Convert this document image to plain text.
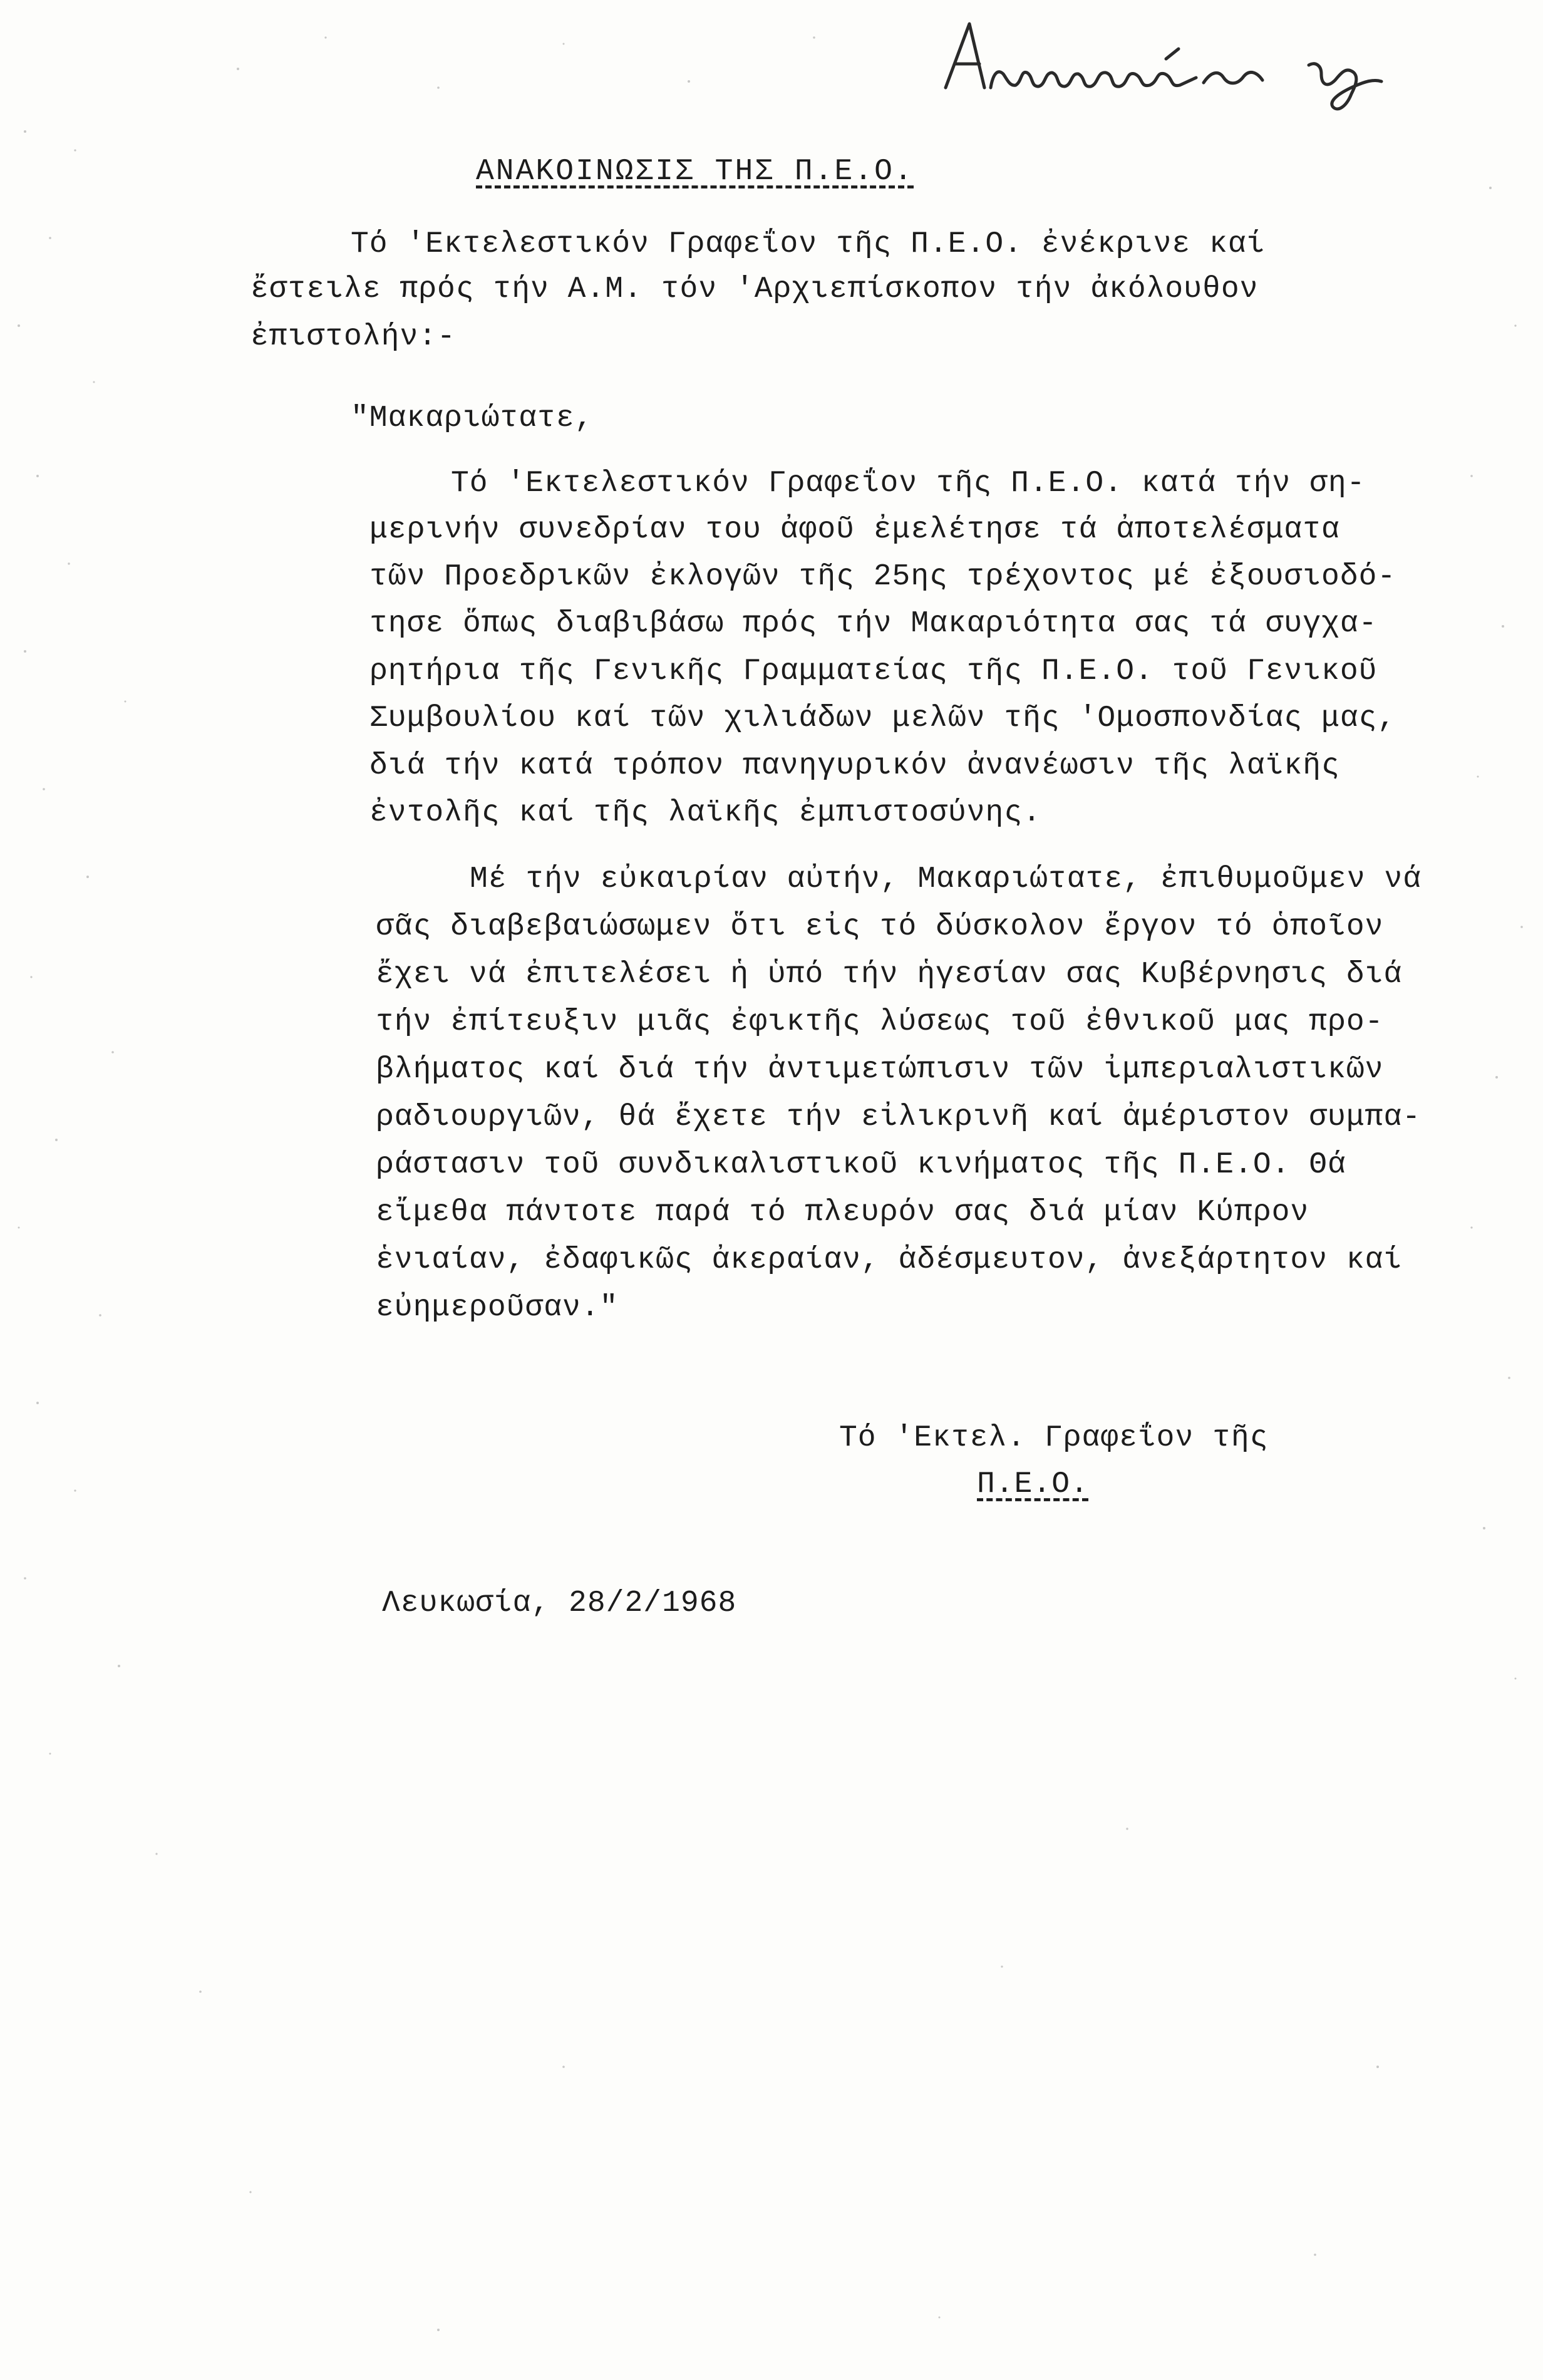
ΑΝΑΚΟΙΝΩΣΙΣ ΤΗΣ Π.Ε.Ο.
Τό 'Εκτελεστικόν Γραφεΐον τῆς Π.Ε.Ο. ἐνέκρινε καί
ἔστειλε πρός τήν Α.Μ. τόν 'Αρχιεπίσκοπον τήν ἀκόλουθον
ἐπιστολήν:-
"Μακαριώτατε,
Τό 'Εκτελεστικόν Γραφεΐον τῆς Π.Ε.Ο. κατά τήν ση-
μερινήν συνεδρίαν του ἀφοῦ ἐμελέτησε τά ἀποτελέσματα
τῶν Προεδρικῶν ἐκλογῶν τῆς 25ης τρέχοντος μέ ἐξουσιοδό-
τησε ὅπως διαβιβάσω πρός τήν Μακαριότητα σας τά συγχα-
ρητήρια τῆς Γενικῆς Γραμματείας τῆς Π.Ε.Ο. τοῦ Γενικοῦ
Συμβουλίου καί τῶν χιλιάδων μελῶν τῆς 'Ομοσπονδίας μας,
διά τήν κατά τρόπον πανηγυρικόν ἀνανέωσιν τῆς λαϊκῆς
ἐντολῆς καί τῆς λαϊκῆς ἐμπιστοσύνης.
Μέ τήν εὐκαιρίαν αὐτήν, Μακαριώτατε, ἐπιθυμοῦμεν νά
σᾶς διαβεβαιώσωμεν ὅτι εἰς τό δύσκολον ἔργον τό ὁποῖον
ἔχει νά ἐπιτελέσει ἡ ὑπό τήν ἡγεσίαν σας Κυβέρνησις διά
τήν ἐπίτευξιν μιᾶς ἐφικτῆς λύσεως τοῦ ἐθνικοῦ μας προ-
βλήματος καί διά τήν ἀντιμετώπισιν τῶν ἰμπεριαλιστικῶν
ραδιουργιῶν, θά ἔχετε τήν εἰλικρινῆ καί ἀμέριστον συμπα-
ράστασιν τοῦ συνδικαλιστικοῦ κινήματος τῆς Π.Ε.Ο. Θά
εἴμεθα πάντοτε παρά τό πλευρόν σας διά μίαν Κύπρον
ἑνιαίαν, ἐδαφικῶς ἀκεραίαν, ἀδέσμευτον, ἀνεξάρτητον καί
εὐημεροῦσαν."
Τό 'Εκτελ. Γραφεΐον τῆς
Π.Ε.Ο.
Λευκωσία, 28/2/1968
